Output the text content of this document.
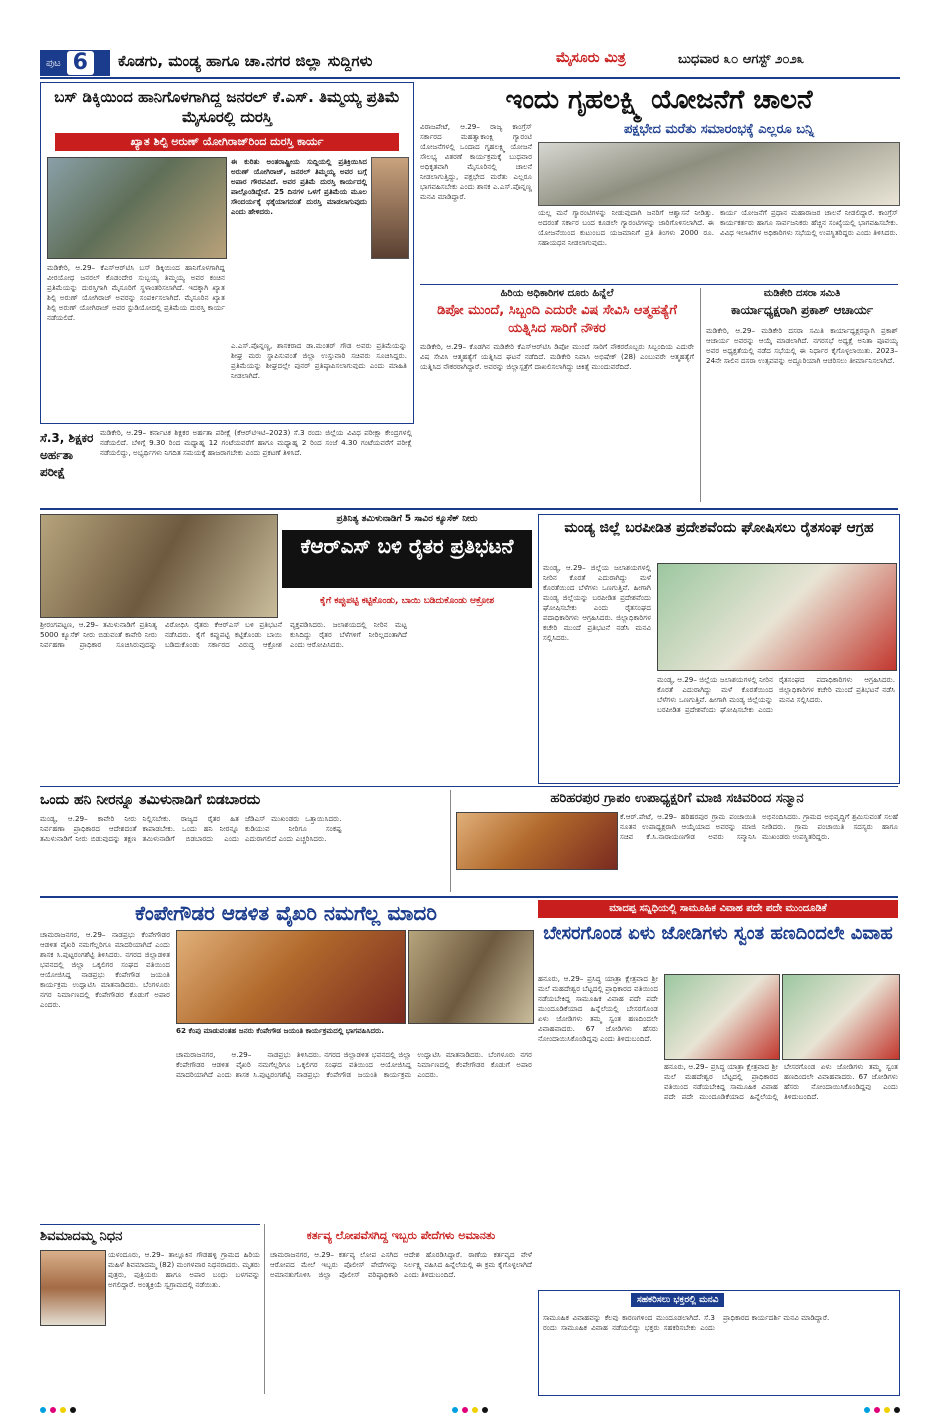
ಪುಟ 6	ಕೊಡಗು, ಮಂಡ್ಯ ಹಾಗೂ ಚಾ.ನಗರ ಜಿಲ್ಲಾ ಸುದ್ದಿಗಳು	ಮೈಸೂರು ಮಿತ್ರ	ಬುಧವಾರ ೩೦ ಆಗಸ್ಟ್ ೨೦೨೩
ಬಸ್ ಡಿಕ್ಕಿಯಿಂದ ಹಾನಿಗೊಳಗಾಗಿದ್ದ ಜನರಲ್ ಕೆ.ಎಸ್. ತಿಮ್ಮಯ್ಯ ಪ್ರತಿಮೆ ಮೈಸೂರಲ್ಲಿ ದುರಸ್ತಿ
ಖ್ಯಾತ ಶಿಲ್ಪಿ ಅರುಣ್ ಯೋಗಿರಾಜ್‌ರಿಂದ ದುರಸ್ತಿ ಕಾರ್ಯ
ಈ ಕುರಿತು ಅಂತರಾಷ್ಟ್ರೀಯ ಸುದ್ದಿಯಲ್ಲಿ ಪ್ರತಿಕ್ರಿಯಿಸಿದ ಅರುಣ್ ಯೋಗಿರಾಜ್, ಜನರಲ್ ತಿಮ್ಮಯ್ಯ ಅವರ ಬಗ್ಗೆ ಅಪಾರ ಗೌರವವಿದೆ. ಅವರ ಪ್ರತಿಮೆ ದುರಸ್ತಿ ಕಾರ್ಯದಲ್ಲಿ ಪಾಲ್ಗೊಂಡಿದ್ದೇನೆ. 25 ದಿನಗಳ ಒಳಗೆ ಪ್ರತಿಮೆಯ ಮೂಲ ಸೌಂದರ್ಯಕ್ಕೆ ಧಕ್ಕೆಯಾಗದಂತೆ ದುರಸ್ತಿ ಮಾಡಲಾಗುವುದು ಎಂದು ಹೇಳಿದರು.
ಮಡಿಕೇರಿ, ಆ.29– ಕೆಎಸ್‌ಆರ್‌ಟಿಸಿ ಬಸ್ ಡಿಕ್ಕಿಯಿಂದ ಹಾನಿಗೊಳಗಾಗಿದ್ದ ವೀರಯೋಧ ಜನರಲ್ ಕೊಡಂದೇರ ಸುಬ್ಬಯ್ಯ ತಿಮ್ಮಯ್ಯ ಅವರ ಕಂಚಿನ ಪ್ರತಿಮೆಯನ್ನು ದುರಸ್ತಿಗಾಗಿ ಮೈಸೂರಿಗೆ ಸ್ಥಳಾಂತರಿಸಲಾಗಿದೆ. ಇದಕ್ಕಾಗಿ ಖ್ಯಾತ ಶಿಲ್ಪಿ ಅರುಣ್ ಯೋಗಿರಾಜ್ ಅವರನ್ನು ಸಂಪರ್ಕಿಸಲಾಗಿದೆ. ಮೈಸೂರಿನ ಖ್ಯಾತ ಶಿಲ್ಪಿ ಅರುಣ್ ಯೋಗಿರಾಜ್ ಅವರ ಸ್ಟುಡಿಯೋದಲ್ಲಿ ಪ್ರತಿಮೆಯ ದುರಸ್ತಿ ಕಾರ್ಯ ನಡೆಯಲಿದೆ.
ಎ.ಎಸ್.ಪೊನ್ನಣ್ಣ, ಶಾಸಕರಾದ ಡಾ.ಮಂತರ್ ಗೌಡ ಅವರು ಪ್ರತಿಮೆಯನ್ನು ಶೀಘ್ರ ಮರು ಸ್ಥಾಪಿಸುವಂತೆ ಜಿಲ್ಲಾ ಉಸ್ತುವಾರಿ ಸಚಿವರು ಸೂಚಿಸಿದ್ದರು. ಪ್ರತಿಮೆಯನ್ನು ಶೀಘ್ರದಲ್ಲೇ ಪುನರ್ ಪ್ರತಿಷ್ಠಾಪಿಸಲಾಗುವುದು ಎಂದು ಮಾಹಿತಿ ನೀಡಲಾಗಿದೆ.
ಇಂದು ಗೃಹಲಕ್ಷ್ಮಿ ಯೋಜನೆಗೆ ಚಾಲನೆ
ಪಕ್ಷಭೇದ ಮರೆತು ಸಮಾರಂಭಕ್ಕೆ ಎಲ್ಲರೂ ಬನ್ನಿ
ವಿರಾಜಪೇಟೆ, ಆ.29– ರಾಜ್ಯ ಕಾಂಗ್ರೆಸ್ ಸರ್ಕಾರದ ಮಹತ್ವಾಕಾಂಕ್ಷಿ ಗ್ಯಾರಂಟಿ ಯೋಜನೆಗಳಲ್ಲಿ ಒಂದಾದ ಗೃಹಲಕ್ಷ್ಮಿ ಯೋಜನೆ ಸೌಲಭ್ಯ ವಿತರಣೆ ಕಾರ್ಯಕ್ರಮಕ್ಕೆ ಬುಧವಾರ ಅಧಿಕೃತವಾಗಿ ಮೈಸೂರಿನಲ್ಲಿ ಚಾಲನೆ ನೀಡಲಾಗುತ್ತಿದ್ದು, ಪಕ್ಷಭೇದ ಮರೆತು ಎಲ್ಲರೂ ಭಾಗವಹಿಸಬೇಕು ಎಂದು ಶಾಸಕ ಎ.ಎಸ್.ಪೊನ್ನಣ್ಣ ಮನವಿ ಮಾಡಿದ್ದಾರೆ.
ಯಲ್ಲ ಮನೆ ಗ್ಯಾರಂಟಿಗಳನ್ನು ನೀಡುವುದಾಗಿ ಜನರಿಗೆ ಆಶ್ವಾಸನೆ ನೀಡಿತ್ತು. ಅದರಂತೆ ಸರ್ಕಾರ ಬಂದ ಕೂಡಲೇ ಗ್ಯಾರಂಟಿಗಳನ್ನು ಜಾರಿಗೊಳಿಸಲಾಗಿದೆ. ಈ ಯೋಜನೆಯಿಂದ ಕುಟುಂಬದ ಯಜಮಾನಿಗೆ ಪ್ರತಿ ತಿಂಗಳು 2000 ರೂ. ಸಹಾಯಧನ ನೀಡಲಾಗುವುದು.
ಕಾರ್ಯ ಯೋಜನೆಗೆ ಪ್ರಧಾನ ಮಹಾರಾಜರ ಚಾಲನೆ ನೀಡಲಿದ್ದಾರೆ. ಕಾಂಗ್ರೆಸ್ ಕಾರ್ಯಕರ್ತರು ಹಾಗೂ ಸಾರ್ವಜನಿಕರು ಹೆಚ್ಚಿನ ಸಂಖ್ಯೆಯಲ್ಲಿ ಭಾಗವಹಿಸಬೇಕು. ವಿವಿಧ ಇಲಾಖೆಗಳ ಅಧಿಕಾರಿಗಳು ಸಭೆಯಲ್ಲಿ ಉಪಸ್ಥಿತರಿದ್ದರು ಎಂದು ತಿಳಿಸಿದರು.
ಹಿರಿಯ ಅಧಿಕಾರಿಗಳ ದೂರು ಹಿನ್ನೆಲೆ
ಡಿಪೋ ಮುಂದೆ, ಸಿಬ್ಬಂದಿ ಎದುರೇ ವಿಷ ಸೇವಿಸಿ ಆತ್ಮಹತ್ಯೆಗೆ ಯತ್ನಿಸಿದ ಸಾರಿಗೆ ನೌಕರ
ಮಡಿಕೇರಿ, ಆ.29– ಕೊಡಗಿನ ಮಡಿಕೇರಿ ಕೆಎಸ್‌ಆರ್‌ಟಿಸಿ ಡಿಪೋ ಮುಂದೆ ಸಾರಿಗೆ ನೌಕರರೊಬ್ಬರು ಸಿಬ್ಬಂದಿಯ ಎದುರೇ ವಿಷ ಸೇವಿಸಿ ಆತ್ಮಹತ್ಯೆಗೆ ಯತ್ನಿಸಿದ ಘಟನೆ ನಡೆದಿದೆ. ಮಡಿಕೇರಿ ನಿವಾಸಿ ಅಭಿಷೇಕ್ (28) ಎಂಬುವರೇ ಆತ್ಮಹತ್ಯೆಗೆ ಯತ್ನಿಸಿದ ನೌಕರರಾಗಿದ್ದಾರೆ. ಅವರನ್ನು ಜಿಲ್ಲಾಸ್ಪತ್ರೆಗೆ ದಾಖಲಿಸಲಾಗಿದ್ದು ಚಿಕಿತ್ಸೆ ಮುಂದುವರೆದಿದೆ.
ಮಡಿಕೇರಿ ದಸರಾ ಸಮಿತಿ
ಕಾರ್ಯಾಧ್ಯಕ್ಷರಾಗಿ ಪ್ರಕಾಶ್ ಆಚಾರ್ಯ
ಮಡಿಕೇರಿ, ಆ.29– ಮಡಿಕೇರಿ ದಸರಾ ಸಮಿತಿ ಕಾರ್ಯಾಧ್ಯಕ್ಷರನ್ನಾಗಿ ಪ್ರಕಾಶ್ ಆಚಾರ್ಯ ಅವರನ್ನು ಆಯ್ಕೆ ಮಾಡಲಾಗಿದೆ. ನಗರಸಭೆ ಅಧ್ಯಕ್ಷೆ ಅನಿತಾ ಪೂವಯ್ಯ ಅವರ ಅಧ್ಯಕ್ಷತೆಯಲ್ಲಿ ನಡೆದ ಸಭೆಯಲ್ಲಿ ಈ ನಿರ್ಧಾರ ಕೈಗೊಳ್ಳಲಾಯಿತು. 2023–24ನೇ ಸಾಲಿನ ದಸರಾ ಉತ್ಸವವನ್ನು ಅದ್ದೂರಿಯಾಗಿ ಆಚರಿಸಲು ತೀರ್ಮಾನಿಸಲಾಗಿದೆ.
ಸೆ.3, ಶಿಕ್ಷಕರ ಅರ್ಹತಾ ಪರೀಕ್ಷೆ
ಮಡಿಕೇರಿ, ಆ.29– ಕರ್ನಾಟಕ ಶಿಕ್ಷಕರ ಅರ್ಹತಾ ಪರೀಕ್ಷೆ (ಕೆಆರ್‌ಟಿಇಟಿ–2023) ಸೆ.3 ರಂದು ಜಿಲ್ಲೆಯ ವಿವಿಧ ಪರೀಕ್ಷಾ ಕೇಂದ್ರಗಳಲ್ಲಿ ನಡೆಯಲಿದೆ. ಬೆಳಿಗ್ಗೆ 9.30 ರಿಂದ ಮಧ್ಯಾಹ್ನ 12 ಗಂಟೆಯವರೆಗೆ ಹಾಗೂ ಮಧ್ಯಾಹ್ನ 2 ರಿಂದ ಸಂಜೆ 4.30 ಗಂಟೆಯವರೆಗೆ ಪರೀಕ್ಷೆ ನಡೆಯಲಿದ್ದು, ಅಭ್ಯರ್ಥಿಗಳು ನಿಗದಿತ ಸಮಯಕ್ಕೆ ಹಾಜರಾಗಬೇಕು ಎಂದು ಪ್ರಕಟಣೆ ತಿಳಿಸಿದೆ.
ಪ್ರತಿನಿತ್ಯ ತಮಿಳುನಾಡಿಗೆ 5 ಸಾವಿರ ಕ್ಯೂಸೆಕ್ ನೀರು
ಕೆಆರ್‌ಎಸ್ ಬಳಿ ರೈತರ ಪ್ರತಿಭಟನೆ
ಕೈಗೆ ಕಪ್ಪುಪಟ್ಟಿ ಕಟ್ಟಿಕೊಂಡು, ಬಾಯಿ ಬಡಿದುಕೊಂಡು ಆಕ್ರೋಶ
ಶ್ರೀರಂಗಪಟ್ಟಣ, ಆ.29– ತಮಿಳುನಾಡಿಗೆ ಪ್ರತಿನಿತ್ಯ 5000 ಕ್ಯೂಸೆಕ್ ನೀರು ಬಿಡುವಂತೆ ಕಾವೇರಿ ನೀರು ನಿರ್ವಹಣಾ ಪ್ರಾಧಿಕಾರ ಸೂಚಿಸಿರುವುದನ್ನು ವಿರೋಧಿಸಿ ರೈತರು ಕೆಆರ್‌ಎಸ್ ಬಳಿ ಪ್ರತಿಭಟನೆ ನಡೆಸಿದರು. ಕೈಗೆ ಕಪ್ಪುಪಟ್ಟಿ ಕಟ್ಟಿಕೊಂಡು ಬಾಯಿ ಬಡಿದುಕೊಂಡು ಸರ್ಕಾರದ ವಿರುದ್ಧ ಆಕ್ರೋಶ ವ್ಯಕ್ತಪಡಿಸಿದರು. ಜಲಾಶಯದಲ್ಲಿ ನೀರಿನ ಮಟ್ಟ ಕುಸಿದಿದ್ದು ರೈತರ ಬೆಳೆಗಳಿಗೆ ನೀರಿಲ್ಲದಂತಾಗಿದೆ ಎಂದು ಆರೋಪಿಸಿದರು.
ಮಂಡ್ಯ ಜಿಲ್ಲೆ ಬರಪೀಡಿತ ಪ್ರದೇಶವೆಂದು ಘೋಷಿಸಲು ರೈತಸಂಘ ಆಗ್ರಹ
ಮಂಡ್ಯ, ಆ.29– ಜಿಲ್ಲೆಯ ಜಲಾಶಯಗಳಲ್ಲಿ ನೀರಿನ ಕೊರತೆ ಎದುರಾಗಿದ್ದು ಮಳೆ ಕೊರತೆಯಿಂದ ಬೆಳೆಗಳು ಒಣಗುತ್ತಿವೆ. ಹೀಗಾಗಿ ಮಂಡ್ಯ ಜಿಲ್ಲೆಯನ್ನು ಬರಪೀಡಿತ ಪ್ರದೇಶವೆಂದು ಘೋಷಿಸಬೇಕು ಎಂದು ರೈತಸಂಘದ ಪದಾಧಿಕಾರಿಗಳು ಆಗ್ರಹಿಸಿದರು. ಜಿಲ್ಲಾಧಿಕಾರಿಗಳ ಕಚೇರಿ ಮುಂದೆ ಪ್ರತಿಭಟನೆ ನಡೆಸಿ ಮನವಿ ಸಲ್ಲಿಸಿದರು.
ಮಂಡ್ಯ, ಆ.29– ಜಿಲ್ಲೆಯ ಜಲಾಶಯಗಳಲ್ಲಿ ನೀರಿನ ಕೊರತೆ ಎದುರಾಗಿದ್ದು ಮಳೆ ಕೊರತೆಯಿಂದ ಬೆಳೆಗಳು ಒಣಗುತ್ತಿವೆ. ಹೀಗಾಗಿ ಮಂಡ್ಯ ಜಿಲ್ಲೆಯನ್ನು ಬರಪೀಡಿತ ಪ್ರದೇಶವೆಂದು ಘೋಷಿಸಬೇಕು ಎಂದು ರೈತಸಂಘದ ಪದಾಧಿಕಾರಿಗಳು ಆಗ್ರಹಿಸಿದರು. ಜಿಲ್ಲಾಧಿಕಾರಿಗಳ ಕಚೇರಿ ಮುಂದೆ ಪ್ರತಿಭಟನೆ ನಡೆಸಿ ಮನವಿ ಸಲ್ಲಿಸಿದರು.
ಒಂದು ಹನಿ ನೀರನ್ನೂ ತಮಿಳುನಾಡಿಗೆ ಬಿಡಬಾರದು
ಮಂಡ್ಯ, ಆ.29– ಕಾವೇರಿ ನೀರು ನಿರ್ವಹಣಾ ಪ್ರಾಧಿಕಾರದ ಆದೇಶದಂತೆ ತಮಿಳುನಾಡಿಗೆ ನೀರು ಬಿಡುವುದನ್ನು ತಕ್ಷಣ ನಿಲ್ಲಿಸಬೇಕು. ರಾಜ್ಯದ ರೈತರ ಹಿತ ಕಾಪಾಡಬೇಕು. ಒಂದು ಹನಿ ನೀರನ್ನೂ ತಮಿಳುನಾಡಿಗೆ ಬಿಡಬಾರದು ಎಂದು ಜೆಡಿಎಸ್ ಮುಖಂಡರು ಒತ್ತಾಯಿಸಿದರು. ಕುಡಿಯುವ ನೀರಿಗೂ ಸಂಕಷ್ಟ ಎದುರಾಗಲಿದೆ ಎಂದು ಎಚ್ಚರಿಸಿದರು.
ಹರಿಹರಪುರ ಗ್ರಾಪಂ ಉಪಾಧ್ಯಕ್ಷರಿಗೆ ಮಾಜಿ ಸಚಿವರಿಂದ ಸನ್ಮಾನ
ಕೆ.ಆರ್.ಪೇಟೆ, ಆ.29– ಹರಿಹರಪುರ ಗ್ರಾಮ ಪಂಚಾಯಿತಿ ನೂತನ ಉಪಾಧ್ಯಕ್ಷರಾಗಿ ಆಯ್ಕೆಯಾದ ಅವರನ್ನು ಮಾಜಿ ಸಚಿವ ಕೆ.ಸಿ.ನಾರಾಯಣಗೌಡ ಅವರು ಸನ್ಮಾನಿಸಿ ಅಭಿನಂದಿಸಿದರು. ಗ್ರಾಮದ ಅಭಿವೃದ್ಧಿಗೆ ಶ್ರಮಿಸುವಂತೆ ಸಲಹೆ ನೀಡಿದರು. ಗ್ರಾಮ ಪಂಚಾಯಿತಿ ಸದಸ್ಯರು ಹಾಗೂ ಮುಖಂಡರು ಉಪಸ್ಥಿತರಿದ್ದರು.
ಕೆಂಪೇಗೌಡರ ಆಡಳಿತ ವೈಖರಿ ನಮಗೆಲ್ಲ ಮಾದರಿ
ಚಾಮರಾಜನಗರ, ಆ.29– ನಾಡಪ್ರಭು ಕೆಂಪೇಗೌಡರ ಆಡಳಿತ ವೈಖರಿ ನಮಗೆಲ್ಲರಿಗೂ ಮಾದರಿಯಾಗಿದೆ ಎಂದು ಶಾಸಕ ಸಿ.ಪುಟ್ಟರಂಗಶೆಟ್ಟಿ ತಿಳಿಸಿದರು. ನಗರದ ಜಿಲ್ಲಾಡಳಿತ ಭವನದಲ್ಲಿ ಜಿಲ್ಲಾ ಒಕ್ಕಲಿಗರ ಸಂಘದ ವತಿಯಿಂದ ಆಯೋಜಿಸಿದ್ದ ನಾಡಪ್ರಭು ಕೆಂಪೇಗೌಡ ಜಯಂತಿ ಕಾರ್ಯಕ್ರಮ ಉದ್ಘಾಟಿಸಿ ಮಾತನಾಡಿದರು. ಬೆಂಗಳೂರು ನಗರ ನಿರ್ಮಾಣದಲ್ಲಿ ಕೆಂಪೇಗೌಡರ ಕೊಡುಗೆ ಅಪಾರ ಎಂದರು.
62 ಕೆಂಪು ಮಾಡುವಂತಹ ಜನರು ಕೆಂಪೇಗೌಡ ಜಯಂತಿ ಕಾರ್ಯಕ್ರಮದಲ್ಲಿ ಭಾಗವಹಿಸಿದರು.
ಚಾಮರಾಜನಗರ, ಆ.29– ನಾಡಪ್ರಭು ಕೆಂಪೇಗೌಡರ ಆಡಳಿತ ವೈಖರಿ ನಮಗೆಲ್ಲರಿಗೂ ಮಾದರಿಯಾಗಿದೆ ಎಂದು ಶಾಸಕ ಸಿ.ಪುಟ್ಟರಂಗಶೆಟ್ಟಿ ತಿಳಿಸಿದರು. ನಗರದ ಜಿಲ್ಲಾಡಳಿತ ಭವನದಲ್ಲಿ ಜಿಲ್ಲಾ ಒಕ್ಕಲಿಗರ ಸಂಘದ ವತಿಯಿಂದ ಆಯೋಜಿಸಿದ್ದ ನಾಡಪ್ರಭು ಕೆಂಪೇಗೌಡ ಜಯಂತಿ ಕಾರ್ಯಕ್ರಮ ಉದ್ಘಾಟಿಸಿ ಮಾತನಾಡಿದರು. ಬೆಂಗಳೂರು ನಗರ ನಿರ್ಮಾಣದಲ್ಲಿ ಕೆಂಪೇಗೌಡರ ಕೊಡುಗೆ ಅಪಾರ ಎಂದರು.
ಮಾದಪ್ಪ ಸನ್ನಿಧಿಯಲ್ಲಿ ಸಾಮೂಹಿಕ ವಿವಾಹ ಪದೇ ಪದೇ ಮುಂದೂಡಿಕೆ
ಬೇಸರಗೊಂಡ ಏಳು ಜೋಡಿಗಳು ಸ್ವಂತ ಹಣದಿಂದಲೇ ವಿವಾಹ
ಹನೂರು, ಆ.29– ಪ್ರಸಿದ್ಧ ಯಾತ್ರಾ ಕ್ಷೇತ್ರವಾದ ಶ್ರೀ ಮಲೆ ಮಹದೇಶ್ವರ ಬೆಟ್ಟದಲ್ಲಿ ಪ್ರಾಧಿಕಾರದ ವತಿಯಿಂದ ನಡೆಯಬೇಕಿದ್ದ ಸಾಮೂಹಿಕ ವಿವಾಹ ಪದೇ ಪದೇ ಮುಂದೂಡಿಕೆಯಾದ ಹಿನ್ನೆಲೆಯಲ್ಲಿ ಬೇಸರಗೊಂಡ ಏಳು ಜೋಡಿಗಳು ತಮ್ಮ ಸ್ವಂತ ಹಣದಿಂದಲೇ ವಿವಾಹವಾದರು. 67 ಜೋಡಿಗಳು ಹೆಸರು ನೋಂದಾಯಿಸಿಕೊಂಡಿದ್ದವು ಎಂದು ತಿಳಿದುಬಂದಿದೆ.
ಹನೂರು, ಆ.29– ಪ್ರಸಿದ್ಧ ಯಾತ್ರಾ ಕ್ಷೇತ್ರವಾದ ಶ್ರೀ ಮಲೆ ಮಹದೇಶ್ವರ ಬೆಟ್ಟದಲ್ಲಿ ಪ್ರಾಧಿಕಾರದ ವತಿಯಿಂದ ನಡೆಯಬೇಕಿದ್ದ ಸಾಮೂಹಿಕ ವಿವಾಹ ಪದೇ ಪದೇ ಮುಂದೂಡಿಕೆಯಾದ ಹಿನ್ನೆಲೆಯಲ್ಲಿ ಬೇಸರಗೊಂಡ ಏಳು ಜೋಡಿಗಳು ತಮ್ಮ ಸ್ವಂತ ಹಣದಿಂದಲೇ ವಿವಾಹವಾದರು. 67 ಜೋಡಿಗಳು ಹೆಸರು ನೋಂದಾಯಿಸಿಕೊಂಡಿದ್ದವು ಎಂದು ತಿಳಿದುಬಂದಿದೆ.
ಸಹಕರಿಸಲು ಭಕ್ತರಲ್ಲಿ ಮನವಿ
ಸಾಮೂಹಿಕ ವಿವಾಹವನ್ನು ಕೆಲವು ಕಾರಣಗಳಿಂದ ಮುಂದೂಡಲಾಗಿದೆ. ಸೆ.3 ರಂದು ಸಾಮೂಹಿಕ ವಿವಾಹ ನಡೆಯಲಿದ್ದು ಭಕ್ತರು ಸಹಕರಿಸಬೇಕು ಎಂದು ಪ್ರಾಧಿಕಾರದ ಕಾರ್ಯದರ್ಶಿ ಮನವಿ ಮಾಡಿದ್ದಾರೆ.
ಶಿವಮಾದಮ್ಮ ನಿಧನ
ಯಳಂದೂರು, ಆ.29– ತಾಲ್ಲೂಕಿನ ಗೌಡಹಳ್ಳಿ ಗ್ರಾಮದ ಹಿರಿಯ ಮಹಿಳೆ ಶಿವಮಾದಮ್ಮ (82) ಮಂಗಳವಾರ ನಿಧನರಾದರು. ಮೃತರು ಪುತ್ರರು, ಪುತ್ರಿಯರು ಹಾಗೂ ಅಪಾರ ಬಂಧು ಬಳಗವನ್ನು ಅಗಲಿದ್ದಾರೆ. ಅಂತ್ಯಕ್ರಿಯೆ ಸ್ವಗ್ರಾಮದಲ್ಲಿ ನಡೆಯಿತು.
ಕರ್ತವ್ಯ ಲೋಪವೆಸಗಿದ್ದ ಇಬ್ಬರು ಪೇದೆಗಳು ಅಮಾನತು
ಚಾಮರಾಜನಗರ, ಆ.29– ಕರ್ತವ್ಯ ಲೋಪ ಎಸಗಿದ ಆರೋಪದ ಮೇಲೆ ಇಬ್ಬರು ಪೊಲೀಸ್ ಪೇದೆಗಳನ್ನು ಅಮಾನತುಗೊಳಿಸಿ ಜಿಲ್ಲಾ ಪೊಲೀಸ್ ವರಿಷ್ಠಾಧಿಕಾರಿ ಆದೇಶ ಹೊರಡಿಸಿದ್ದಾರೆ. ಠಾಣೆಯ ಕರ್ತವ್ಯದ ವೇಳೆ ನಿರ್ಲಕ್ಷ್ಯ ವಹಿಸಿದ ಹಿನ್ನೆಲೆಯಲ್ಲಿ ಈ ಕ್ರಮ ಕೈಗೊಳ್ಳಲಾಗಿದೆ ಎಂದು ತಿಳಿದುಬಂದಿದೆ.
